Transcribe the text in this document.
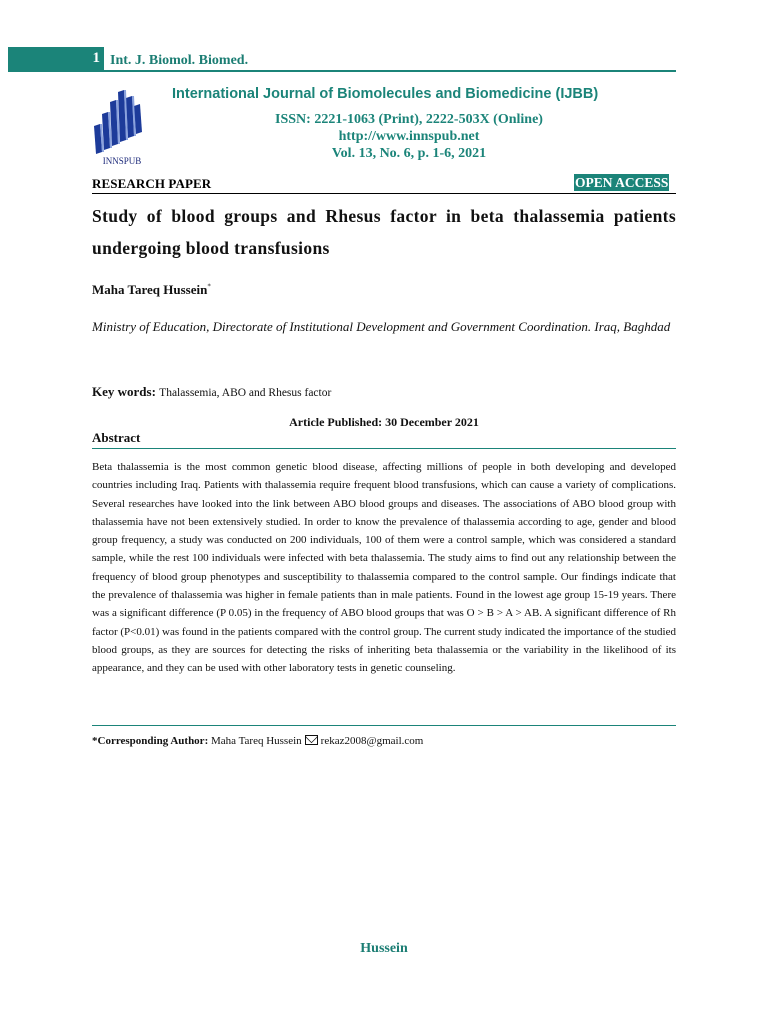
1 Int. J. Biomol. Biomed.
INNSPUB
International Journal of Biomolecules and Biomedicine (IJBB)
ISSN: 2221-1063 (Print), 2222-503X (Online)
http://www.innspub.net
Vol. 13, No. 6, p. 1-6, 2021
RESEARCH PAPER	OPEN ACCESS
Study of blood groups and Rhesus factor in beta thalassemia patients undergoing blood transfusions
Maha Tareq Hussein*
Ministry of Education, Directorate of Institutional Development and Government Coordination. Iraq, Baghdad
Key words: Thalassemia, ABO and Rhesus factor
Article Published: 30 December 2021
Abstract
Beta thalassemia is the most common genetic blood disease, affecting millions of people in both developing and developed countries including Iraq. Patients with thalassemia require frequent blood transfusions, which can cause a variety of complications. Several researches have looked into the link between ABO blood groups and diseases. The associations of ABO blood group with thalassemia have not been extensively studied. In order to know the prevalence of thalassemia according to age, gender and blood group frequency, a study was conducted on 200 individuals, 100 of them were a control sample, which was considered a standard sample, while the rest 100 individuals were infected with beta thalassemia. The study aims to find out any relationship between the frequency of blood group phenotypes and susceptibility to thalassemia compared to the control sample. Our findings indicate that the prevalence of thalassemia was higher in female patients than in male patients. Found in the lowest age group 15-19 years. There was a significant difference (P 0.05) in the frequency of ABO blood groups that was O > B > A > AB. A significant difference of Rh factor (P<0.01) was found in the patients compared with the control group. The current study indicated the importance of the studied blood groups, as they are sources for detecting the risks of inheriting beta thalassemia or the variability in the likelihood of its appearance, and they can be used with other laboratory tests in genetic counseling.
*Corresponding Author: Maha Tareq Hussein rekaz2008@gmail.com
Hussein
